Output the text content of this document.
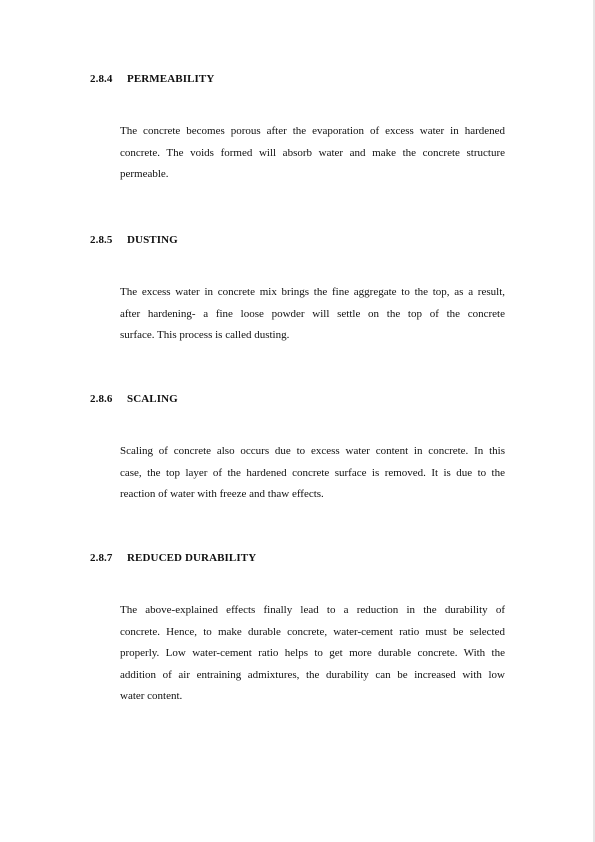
2.8.4 PERMEABILITY
The concrete becomes porous after the evaporation of excess water in hardened
concrete. The voids formed will absorb water and make the concrete structure
permeable.
2.8.5 DUSTING
The excess water in concrete mix brings the fine aggregate to the top, as a result,
after hardening- a fine loose powder will settle on the top of the concrete
surface. This process is called dusting.
2.8.6 SCALING
Scaling of concrete also occurs due to excess water content in concrete. In this
case, the top layer of the hardened concrete surface is removed. It is due to the
reaction of water with freeze and thaw effects.
2.8.7 REDUCED DURABILITY
The above-explained effects finally lead to a reduction in the durability of
concrete. Hence, to make durable concrete, water-cement ratio must be selected
properly. Low water-cement ratio helps to get more durable concrete. With the
addition of air entraining admixtures, the durability can be increased with low
water content.
